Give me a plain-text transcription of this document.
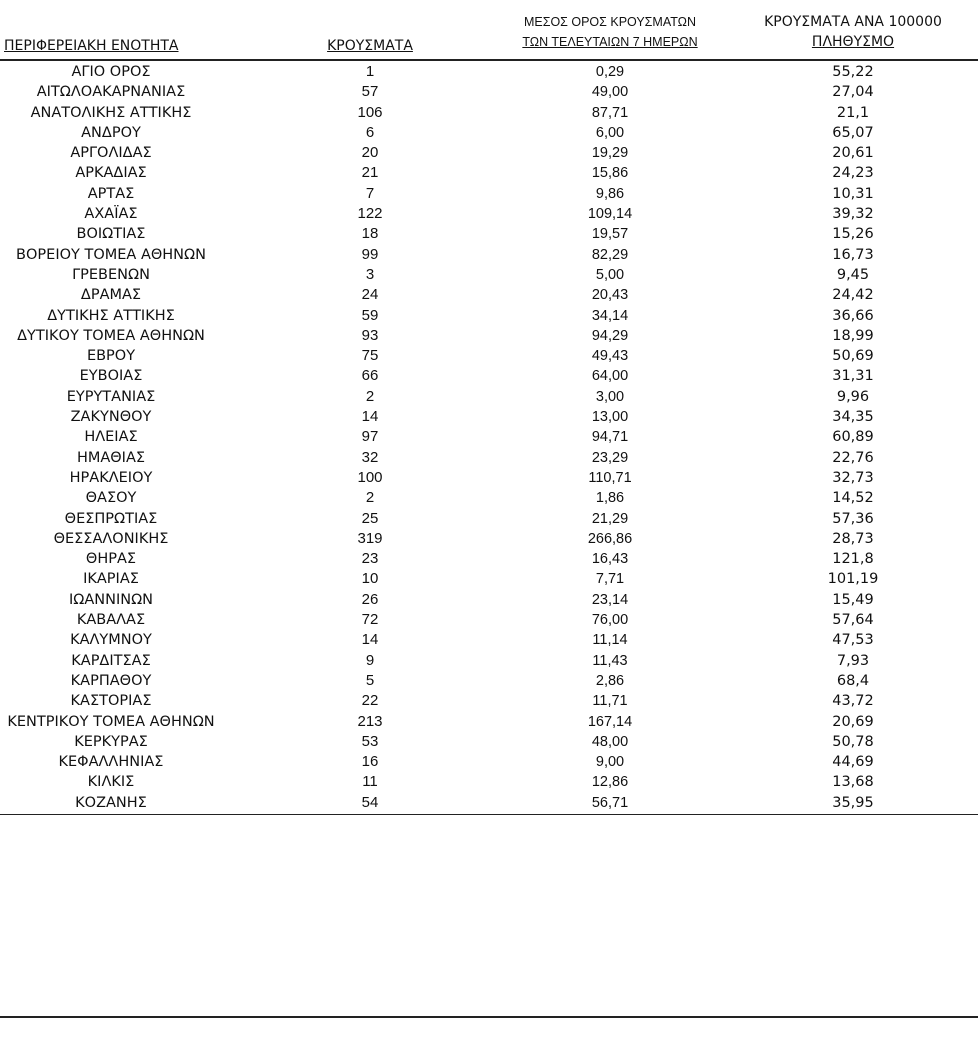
ΠΕΡΙΦΕΡΕΙΑΚΗ ΕΝΟΤΗΤΑ	ΚΡΟΥΣΜΑΤΑ
ΜΕΣΟΣ ΟΡΟΣ ΚΡΟΥΣΜΑΤΩΝ
ΤΩΝ ΤΕΛΕΥΤΑΙΩΝ 7 ΗΜΕΡΩΝ
ΚΡΟΥΣΜΑΤΑ ΑΝΑ 100000
ΠΛΗΘΥΣΜΟ
ΑΓΙΟ ΟΡΟΣ	1	0,29	55,22
ΑΙΤΩΛΟΑΚΑΡΝΑΝΙΑΣ	57	49,00	27,04
ΑΝΑΤΟΛΙΚΗΣ ΑΤΤΙΚΗΣ	106	87,71	21,1
ΑΝΔΡΟΥ	6	6,00	65,07
ΑΡΓΟΛΙΔΑΣ	20	19,29	20,61
ΑΡΚΑΔΙΑΣ	21	15,86	24,23
ΑΡΤΑΣ	7	9,86	10,31
ΑΧΑΪΑΣ	122	109,14	39,32
ΒΟΙΩΤΙΑΣ	18	19,57	15,26
ΒΟΡΕΙΟΥ ΤΟΜΕΑ ΑΘΗΝΩΝ	99	82,29	16,73
ΓΡΕΒΕΝΩΝ	3	5,00	9,45
ΔΡΑΜΑΣ	24	20,43	24,42
ΔΥΤΙΚΗΣ ΑΤΤΙΚΗΣ	59	34,14	36,66
ΔΥΤΙΚΟΥ ΤΟΜΕΑ ΑΘΗΝΩΝ	93	94,29	18,99
ΕΒΡΟΥ	75	49,43	50,69
ΕΥΒΟΙΑΣ	66	64,00	31,31
ΕΥΡΥΤΑΝΙΑΣ	2	3,00	9,96
ΖΑΚΥΝΘΟΥ	14	13,00	34,35
ΗΛΕΙΑΣ	97	94,71	60,89
ΗΜΑΘΙΑΣ	32	23,29	22,76
ΗΡΑΚΛΕΙΟΥ	100	110,71	32,73
ΘΑΣΟΥ	2	1,86	14,52
ΘΕΣΠΡΩΤΙΑΣ	25	21,29	57,36
ΘΕΣΣΑΛΟΝΙΚΗΣ	319	266,86	28,73
ΘΗΡΑΣ	23	16,43	121,8
ΙΚΑΡΙΑΣ	10	7,71	101,19
ΙΩΑΝΝΙΝΩΝ	26	23,14	15,49
ΚΑΒΑΛΑΣ	72	76,00	57,64
ΚΑΛΥΜΝΟΥ	14	11,14	47,53
ΚΑΡΔΙΤΣΑΣ	9	11,43	7,93
ΚΑΡΠΑΘΟΥ	5	2,86	68,4
ΚΑΣΤΟΡΙΑΣ	22	11,71	43,72
ΚΕΝΤΡΙΚΟΥ ΤΟΜΕΑ ΑΘΗΝΩΝ	213	167,14	20,69
ΚΕΡΚΥΡΑΣ	53	48,00	50,78
ΚΕΦΑΛΛΗΝΙΑΣ	16	9,00	44,69
ΚΙΛΚΙΣ	11	12,86	13,68
ΚΟΖΑΝΗΣ	54	56,71	35,95
